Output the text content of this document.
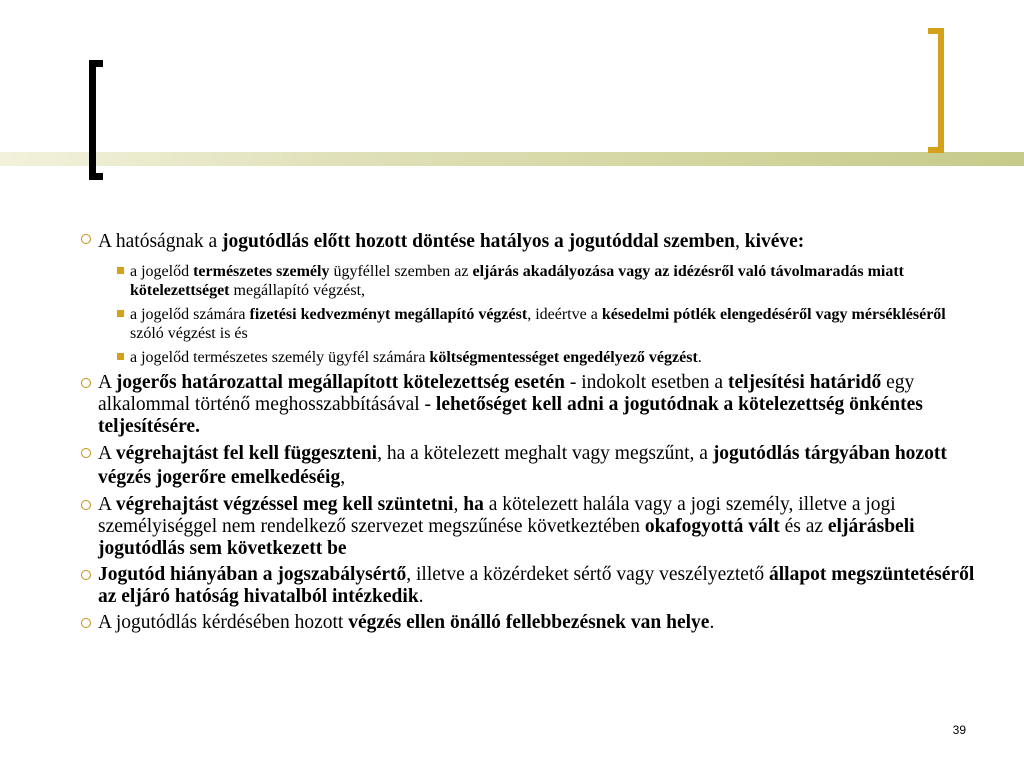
A hatóságnak a jogutódlás előtt hozott döntése hatályos a jogutóddal szemben, kivéve:
a jogelőd természetes személy ügyféllel szemben az eljárás akadályozása vagy az idézésről való távolmaradás miatt kötelezettséget megállapító végzést,
a jogelőd számára fizetési kedvezményt megállapító végzést, ideértve a késedelmi pótlék elengedéséről vagy mérsékléséről szóló végzést is és
a jogelőd természetes személy ügyfél számára költségmentességet engedélyező végzést.
A jogerős határozattal megállapított kötelezettség esetén - indokolt esetben a teljesítési határidő egy alkalommal történő meghosszabbításával - lehetőséget kell adni a jogutódnak a kötelezettség önkéntes teljesítésére.
A végrehajtást fel kell függeszteni, ha a kötelezett meghalt vagy megszűnt, a jogutódlás tárgyában hozott végzés jogerőre emelkedéséig,
A végrehajtást végzéssel meg kell szüntetni, ha a kötelezett halála vagy a jogi személy, illetve a jogi személyiséggel nem rendelkező szervezet megszűnése következtében okafogyottá vált és az eljárásbeli jogutódlás sem következett be
Jogutód hiányában a jogszabálysértő, illetve a közérdeket sértő vagy veszélyeztető állapot megszüntetéséről az eljáró hatóság hivatalból intézkedik.
A jogutódlás kérdésében hozott végzés ellen önálló fellebbezésnek van helye.
39
